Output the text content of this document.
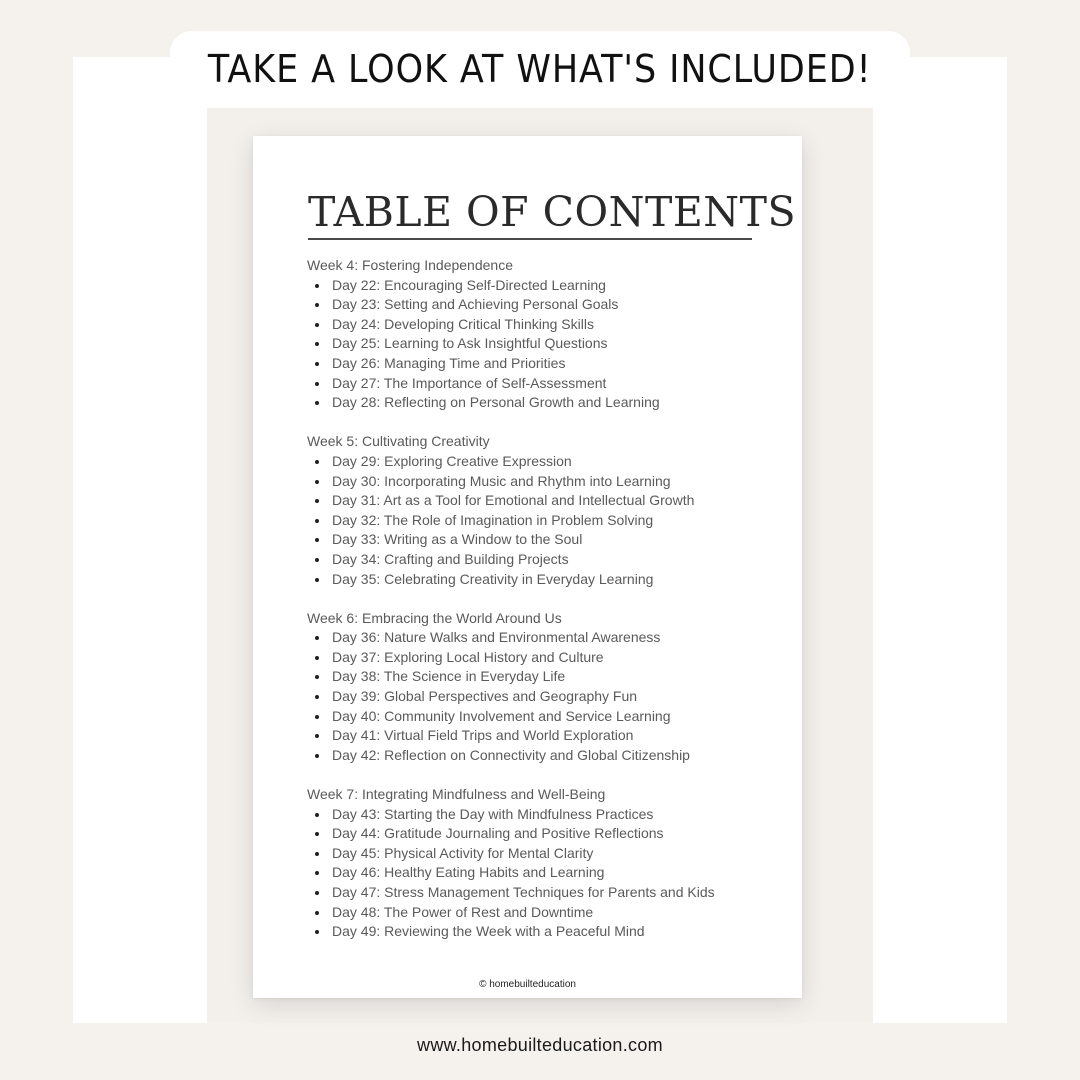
TAKE A LOOK AT WHAT'S INCLUDED!
TABLE OF CONTENTS
Week 4: Fostering Independence
Day 22: Encouraging Self-Directed Learning
Day 23: Setting and Achieving Personal Goals
Day 24: Developing Critical Thinking Skills
Day 25: Learning to Ask Insightful Questions
Day 26: Managing Time and Priorities
Day 27: The Importance of Self-Assessment
Day 28: Reflecting on Personal Growth and Learning
Week 5: Cultivating Creativity
Day 29: Exploring Creative Expression
Day 30: Incorporating Music and Rhythm into Learning
Day 31: Art as a Tool for Emotional and Intellectual Growth
Day 32: The Role of Imagination in Problem Solving
Day 33: Writing as a Window to the Soul
Day 34: Crafting and Building Projects
Day 35: Celebrating Creativity in Everyday Learning
Week 6: Embracing the World Around Us
Day 36: Nature Walks and Environmental Awareness
Day 37: Exploring Local History and Culture
Day 38: The Science in Everyday Life
Day 39: Global Perspectives and Geography Fun
Day 40: Community Involvement and Service Learning
Day 41: Virtual Field Trips and World Exploration
Day 42: Reflection on Connectivity and Global Citizenship
Week 7: Integrating Mindfulness and Well-Being
Day 43: Starting the Day with Mindfulness Practices
Day 44: Gratitude Journaling and Positive Reflections
Day 45: Physical Activity for Mental Clarity
Day 46: Healthy Eating Habits and Learning
Day 47: Stress Management Techniques for Parents and Kids
Day 48: The Power of Rest and Downtime
Day 49: Reviewing the Week with a Peaceful Mind
© homebuilteducation
www.homebuilteducation.com
